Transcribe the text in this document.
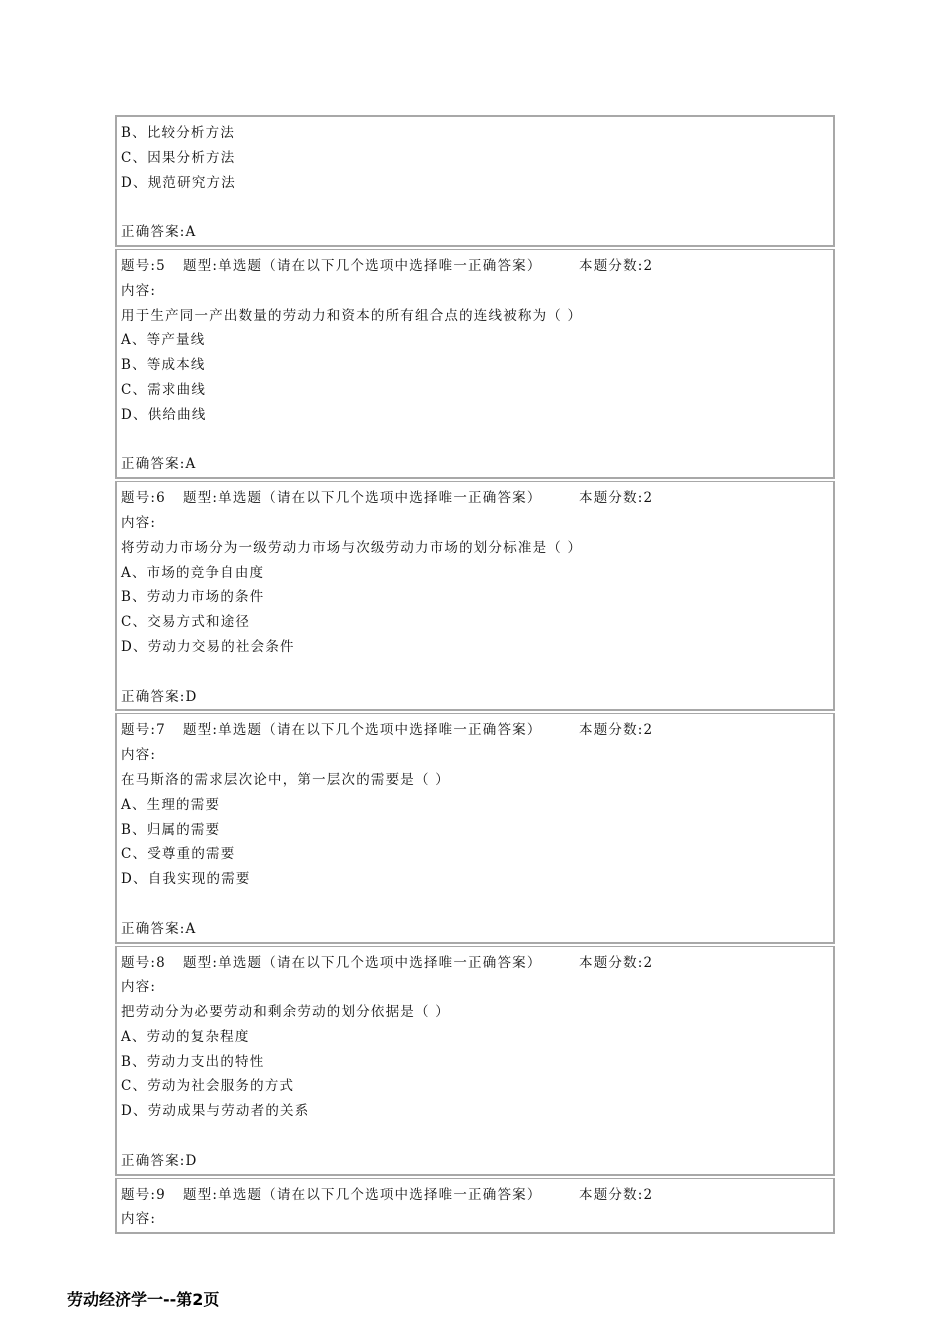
B、比较分析方法
C、因果分析方法
D、规范研究方法
正确答案:A
题号:5 题型:单选题（请在以下几个选项中选择唯一正确答案）	本题分数:2
内容:
用于生产同一产出数量的劳动力和资本的所有组合点的连线被称为（ ）
A、等产量线
B、等成本线
C、需求曲线
D、供给曲线
正确答案:A
题号:6 题型:单选题（请在以下几个选项中选择唯一正确答案）	本题分数:2
内容:
将劳动力市场分为一级劳动力市场与次级劳动力市场的划分标准是（ ）
A、市场的竞争自由度
B、劳动力市场的条件
C、交易方式和途径
D、劳动力交易的社会条件
正确答案:D
题号:7 题型:单选题（请在以下几个选项中选择唯一正确答案）	本题分数:2
内容:
在马斯洛的需求层次论中，第一层次的需要是（ ）
A、生理的需要
B、归属的需要
C、受尊重的需要
D、自我实现的需要
正确答案:A
题号:8 题型:单选题（请在以下几个选项中选择唯一正确答案）	本题分数:2
内容:
把劳动分为必要劳动和剩余劳动的划分依据是（ ）
A、劳动的复杂程度
B、劳动力支出的特性
C、劳动为社会服务的方式
D、劳动成果与劳动者的关系
正确答案:D
题号:9 题型:单选题（请在以下几个选项中选择唯一正确答案）	本题分数:2
内容:
劳动经济学一--第2页
